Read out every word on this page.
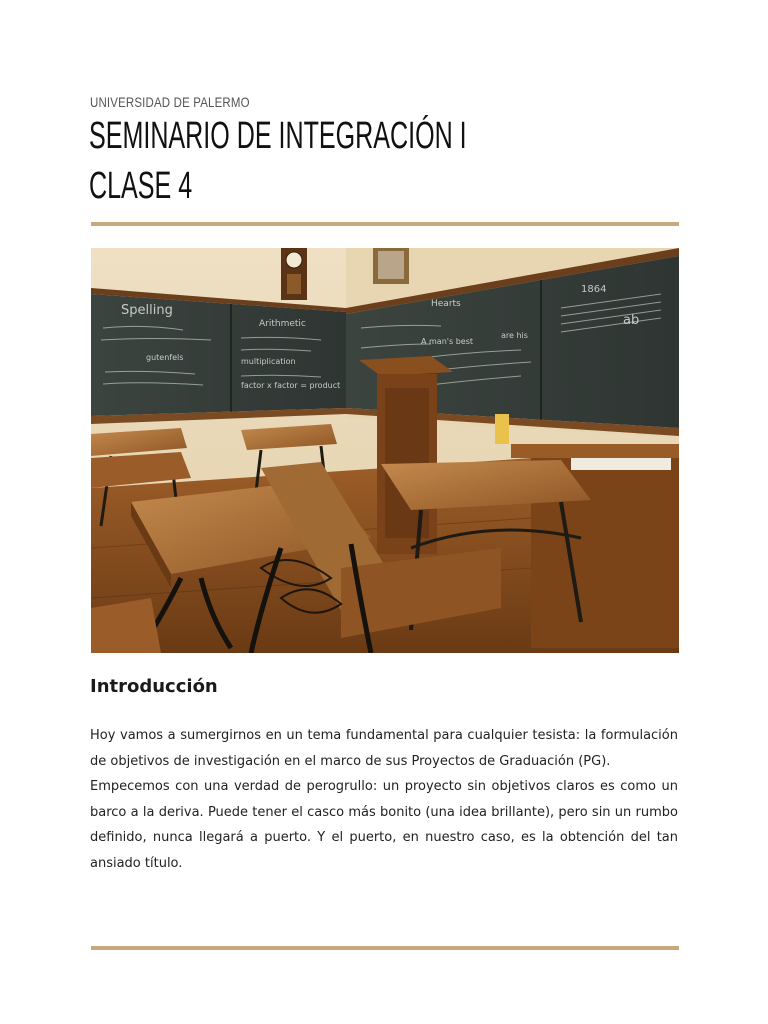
UNIVERSIDAD DE PALERMO
SEMINARIO DE INTEGRACIÓN I
CLASE 4
Spelling
Arithmetic
Hearts
1864
ab
gutenfels	multiplication
factor x factor = product
A man's best
are his
Introducción

Hoy vamos a sumergirnos en un tema fundamental para cualquier tesista: la formulación de objetivos de investigación en el marco de sus Proyectos de Graduación (PG).

Empecemos con una verdad de perogrullo: un proyecto sin objetivos claros es como un barco a la deriva. Puede tener el casco más bonito (una idea brillante), pero sin un rumbo definido, nunca llegará a puerto. Y el puerto, en nuestro caso, es la obtención del tan ansiado título.
